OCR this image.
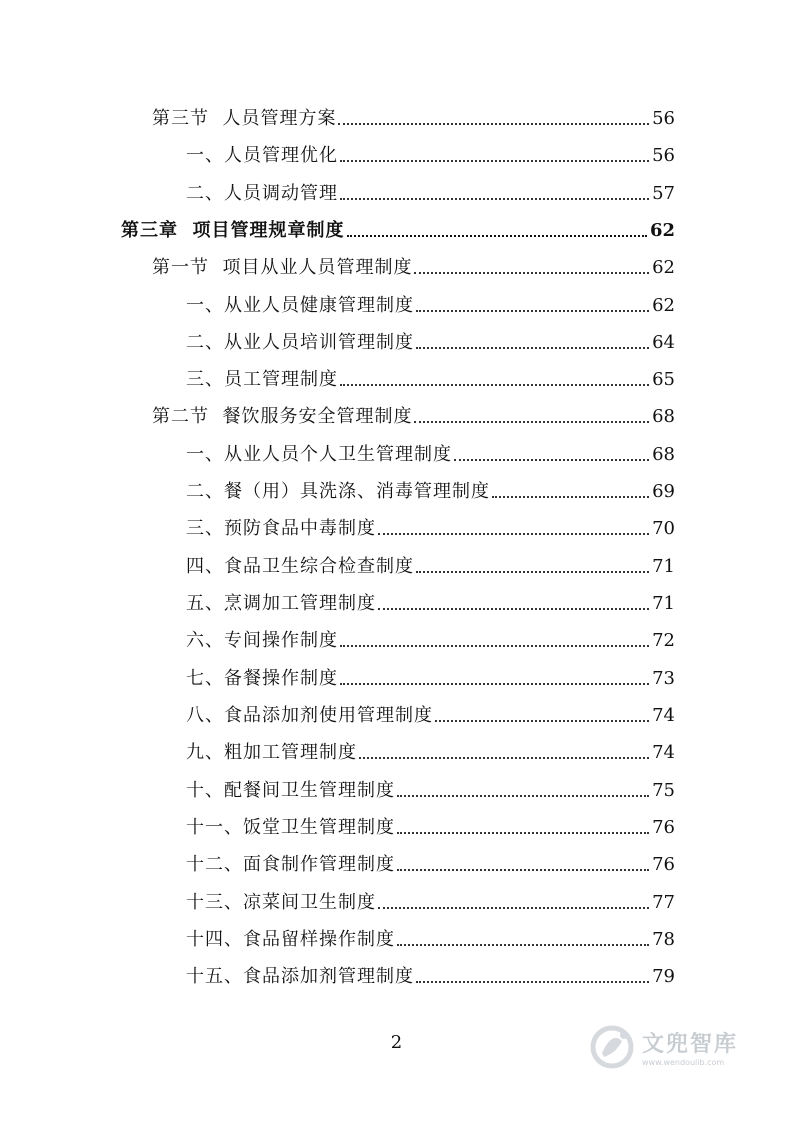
第三节  人员管理方案	56
一、人员管理优化	56
二、人员调动管理	57
第三章  项目管理规章制度	62
第一节  项目从业人员管理制度	62
一、从业人员健康管理制度	62
二、从业人员培训管理制度	64
三、员工管理制度	65
第二节  餐饮服务安全管理制度	68
一、从业人员个人卫生管理制度	68
二、餐（用）具洗涤、消毒管理制度	69
三、预防食品中毒制度	70
四、食品卫生综合检查制度	71
五、烹调加工管理制度	71
六、专间操作制度	72
七、备餐操作制度	73
八、食品添加剂使用管理制度	74
九、粗加工管理制度	74
十、配餐间卫生管理制度	75
十一、饭堂卫生管理制度	76
十二、面食制作管理制度	76
十三、凉菜间卫生制度	77
十四、食品留样操作制度	78
十五、食品添加剂管理制度	79
2	文兜智库
www.wendoulib.com
